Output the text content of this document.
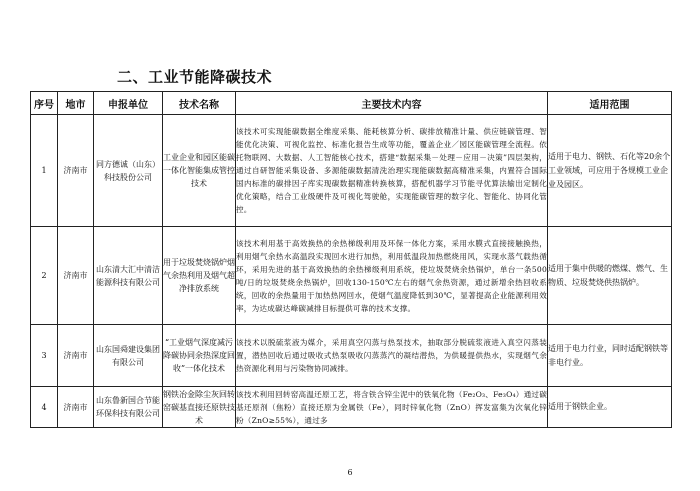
二、工业节能降碳技术
序号	地市	申报单位	技术名称	主要技术内容	适用范围
1	济南市	同方德诚（山东）科技股份公司	工业企业和园区能碳一体化智能集成管控技术	该技术可实现能碳数据全维度采集、能耗核算分析、碳排放精准计量、供应链碳管理、智能优化决策、可视化监控、标准化报告生成等功能，覆盖企业／园区能碳管理全流程。依托物联网、大数据、人工智能核心技术，搭建“数据采集－处理－应用－决策”四层架构，通过自研智能采集设备、多源能碳数据清洗治理实现能碳数据高精准采集，内置符合国际国内标准的碳排因子库实现碳数据精准转换核算，搭配机器学习节能寻优算法输出定制化优化策略，结合工业级硬件及可视化驾驶舱，实现能碳管理的数字化、智能化、协同化管控。	适用于电力、钢铁、石化等20余个工业领域，可应用于各规模工业企业及园区。
2	济南市	山东清大汇中清洁能源科技有限公司	用于垃圾焚烧锅炉烟气余热利用及烟气超净排放系统	该技术利用基于高效换热的余热梯级利用及环保一体化方案，采用水膜式直接接触换热，利用烟气余热水高温段实现回水进行加热，利用低温段加热燃烧用风，实现水蒸气载热循环，采用先进的基于高效换热的余热梯级利用系统，使垃圾焚烧余热锅炉，单台一条500吨/日的垃圾焚烧余热锅炉，回收130-150℃左右的烟气余热资源，通过新增余热回收系统，回收的余热量用于加热热网回水，使烟气温度降低到30℃，显著提高企业能源利用效率，为达成碳达峰碳减排目标提供可靠的技术支撑。	适用于集中供暖的燃煤、燃气、生物质、垃圾焚烧供热锅炉。
3	济南市	山东国舜建设集团有限公司	“工业烟气深度减污降碳协同余热深度回收”一体化技术	该技术以脱硫浆液为媒介，采用真空闪蒸与热泵技术，抽取部分脱硫浆液进入真空闪蒸装置，潜热回收后通过吸收式热泵吸收闪蒸蒸汽的凝结潜热，为供暖提供热水，实现烟气余热资源化利用与污染物协同减排。	适用于电力行业，同时适配钢铁等非电行业。
4	济南市	山东鲁新国合节能环保科技有限公司	钢铁冶金除尘灰回转窑碳基直接还原铁技术	该技术利用回转窑高温还原工艺，将含铁含锌尘泥中的铁氧化物（Fe₂O₃、Fe₃O₄）通过碳基还原剂（焦粉）直接还原为金属铁（Fe），同时锌氧化物（ZnO）挥发富集为次氧化锌粉（ZnO≥55%），通过多	适用于钢铁企业。
6
